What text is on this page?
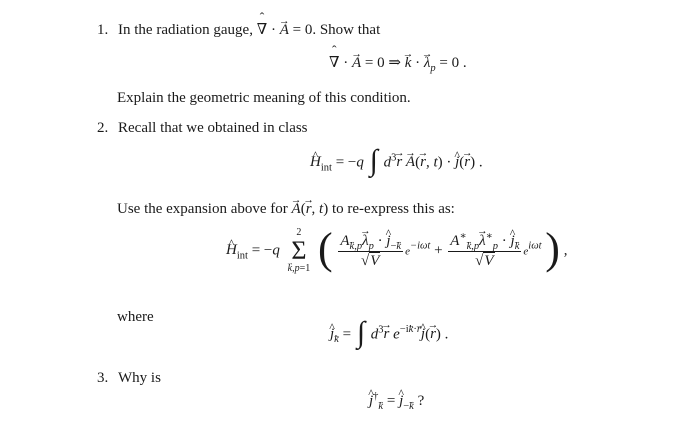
1. In the radiation gauge, ˆ ∇ · → A = 0. Show that
ˆ ∇ · → A = 0 ⇒ → k · → $\lambda_p = 0$ .
Explain the geometric meaning of this condition.
2. Recall that we obtained in class
^ $H_{int} = -q$ ∫ $d^3\to r \to A(\to r$, t) · ^ j(→ r) .
Use the expansion above for → A(→ r, t) to re-express this as:
^ $H_{int} = -q$
2
Σ
→ k,p=1 ( $\frac{A_{k,p}\to \lambda_p \cdot \^{} j_{-k}}{√V} e^{-i\omega t} + \frac{A^∗_{k,p}\to \lambda^∗_p \cdot \^{} j_k}{√V} e^{i\omega t}$ ) ,
where
^ $j_k$ = ∫ $d^3\to r$ $e^{-ik\cdot r}\^{}$ j(→ r) .
3. Why is
^ $j^\dagger_k$ = ^ $j_{-k}$ ?
